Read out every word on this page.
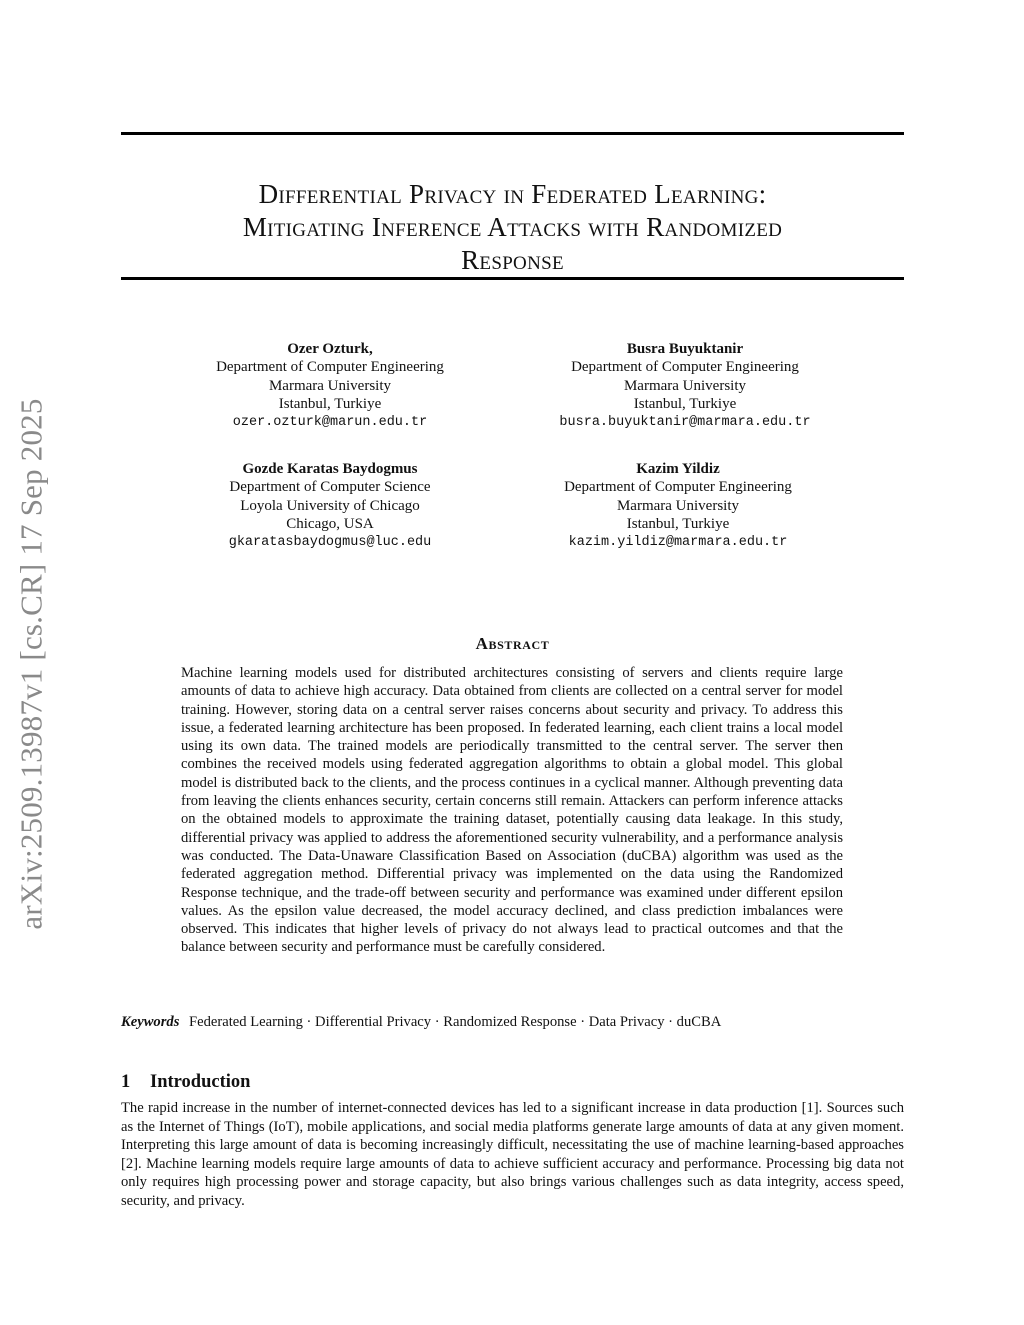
arXiv:2509.13987v1 [cs.CR] 17 Sep 2025
Differential Privacy in Federated Learning:
Mitigating Inference Attacks with Randomized
Response
Ozer Ozturk,
Department of Computer Engineering
Marmara University
Istanbul, Turkiye
ozer.ozturk@marun.edu.tr
Busra Buyuktanir
Department of Computer Engineering
Marmara University
Istanbul, Turkiye
busra.buyuktanir@marmara.edu.tr
Gozde Karatas Baydogmus
Department of Computer Science
Loyola University of Chicago
Chicago, USA
gkaratasbaydogmus@luc.edu
Kazim Yildiz
Department of Computer Engineering
Marmara University
Istanbul, Turkiye
kazim.yildiz@marmara.edu.tr
Abstract

Machine learning models used for distributed architectures consisting of servers and clients require large amounts of data to achieve high accuracy. Data obtained from clients are collected on a central server for model training. However, storing data on a central server raises concerns about security and privacy. To address this issue, a federated learning architecture has been proposed. In federated learning, each client trains a local model using its own data. The trained models are periodically transmitted to the central server. The server then combines the received models using federated aggregation algorithms to obtain a global model. This global model is distributed back to the clients, and the process continues in a cyclical manner. Although preventing data from leaving the clients enhances security, certain concerns still remain. Attackers can perform inference attacks on the obtained models to approximate the training dataset, potentially causing data leakage. In this study, differential privacy was applied to address the aforementioned security vulnerability, and a performance analysis was conducted. The Data-Unaware Classification Based on Association (duCBA) algorithm was used as the federated aggregation method. Differential privacy was implemented on the data using the Randomized Response technique, and the trade-off between security and performance was examined under different epsilon values. As the epsilon value decreased, the model accuracy declined, and class prediction imbalances were observed. This indicates that higher levels of privacy do not always lead to practical outcomes and that the balance between security and performance must be carefully considered.

Keywords Federated Learning · Differential Privacy · Randomized Response · Data Privacy · duCBA
1 Introduction

The rapid increase in the number of internet-connected devices has led to a significant increase in data production [1]. Sources such as the Internet of Things (IoT), mobile applications, and social media platforms generate large amounts of data at any given moment. Interpreting this large amount of data is becoming increasingly difficult, necessitating the use of machine learning-based approaches [2]. Machine learning models require large amounts of data to achieve sufficient accuracy and performance. Processing big data not only requires high processing power and storage capacity, but also brings various challenges such as data integrity, access speed, security, and privacy.
